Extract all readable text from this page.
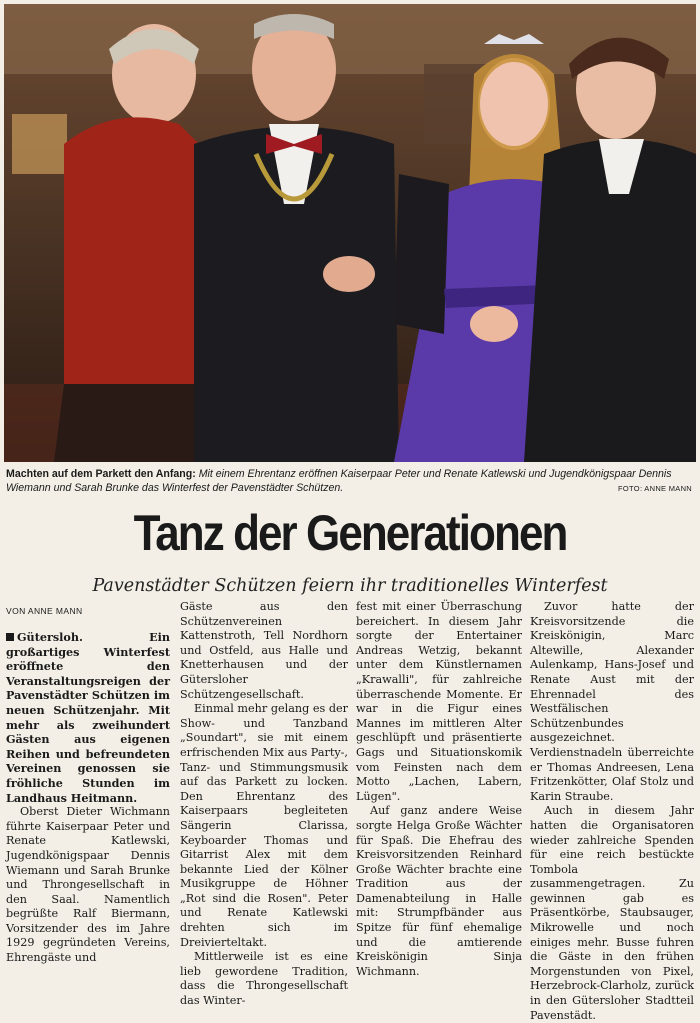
Machten auf dem Parkett den Anfang: Mit einem Ehrentanz eröffnen Kaiserpaar Peter und Renate Katlewski und Jugendkönigspaar Dennis Wiemann und Sarah Brunke das Winterfest der Pavenstädter Schützen.	FOTO: ANNE MANN
Tanz der Generationen
Pavenstädter Schützen feiern ihr traditionelles Winterfest
VON ANNE MANN

Gütersloh. Ein großartiges Winterfest eröffnete den Veranstaltungsreigen der Pavenstädter Schützen im neuen Schützenjahr. Mit mehr als zweihundert Gästen aus eigenen Reihen und befreundeten Vereinen genossen sie fröhliche Stunden im Landhaus Heitmann.

Oberst Dieter Wichmann führte Kaiserpaar Peter und Renate Katlewski, Jugendkönigspaar Dennis Wiemann und Sarah Brunke und Throngesellschaft in den Saal. Namentlich begrüßte Ralf Biermann, Vorsitzender des im Jahre 1929 gegründeten Vereins, Ehrengäste und

Gäste aus den Schützenvereinen Kattenstroth, Tell Nordhorn und Ostfeld, aus Halle und Knetterhausen und der Gütersloher Schützengesellschaft.

Einmal mehr gelang es der Show- und Tanzband „Soundart", sie mit einem erfrischenden Mix aus Party-, Tanz- und Stimmungsmusik auf das Parkett zu locken. Den Ehrentanz des Kaiserpaars begleiteten Sängerin Clarissa, Keyboarder Thomas und Gitarrist Alex mit dem bekannte Lied der Kölner Musikgruppe de Höhner „Rot sind die Rosen". Peter und Renate Katlewski drehten sich im Dreivierteltakt.

Mittlerweile ist es eine lieb gewordene Tradition, dass die Throngesellschaft das Winter-

fest mit einer Überraschung bereichert. In diesem Jahr sorgte der Entertainer Andreas Wetzig, bekannt unter dem Künstlernamen „Krawalli", für zahlreiche überraschende Momente. Er war in die Figur eines Mannes im mittleren Alter geschlüpft und präsentierte Gags und Situationskomik vom Feinsten nach dem Motto „Lachen, Labern, Lügen".

Auf ganz andere Weise sorgte Helga Große Wächter für Spaß. Die Ehefrau des Kreisvorsitzenden Reinhard Große Wächter brachte eine Tradition aus der Damenabteilung in Halle mit: Strumpfbänder aus Spitze für fünf ehemalige und die amtierende Kreiskönigin Sinja Wichmann.

Zuvor hatte der Kreisvorsitzende die Kreiskönigin, Marc Altewille, Alexander Aulenkamp, Hans-Josef und Renate Aust mit der Ehrennadel des Westfälischen Schützenbundes ausgezeichnet. Verdienstnadeln überreichte er Thomas Andreesen, Lena Fritzenkötter, Olaf Stolz und Karin Straube.

Auch in diesem Jahr hatten die Organisatoren wieder zahlreiche Spenden für eine reich bestückte Tombola zusammengetragen. Zu gewinnen gab es Präsentkörbe, Staubsauger, Mikrowelle und noch einiges mehr. Busse fuhren die Gäste in den frühen Morgenstunden von Pixel, Herzebrock-Clarholz, zurück in den Gütersloher Stadtteil Pavenstädt.
